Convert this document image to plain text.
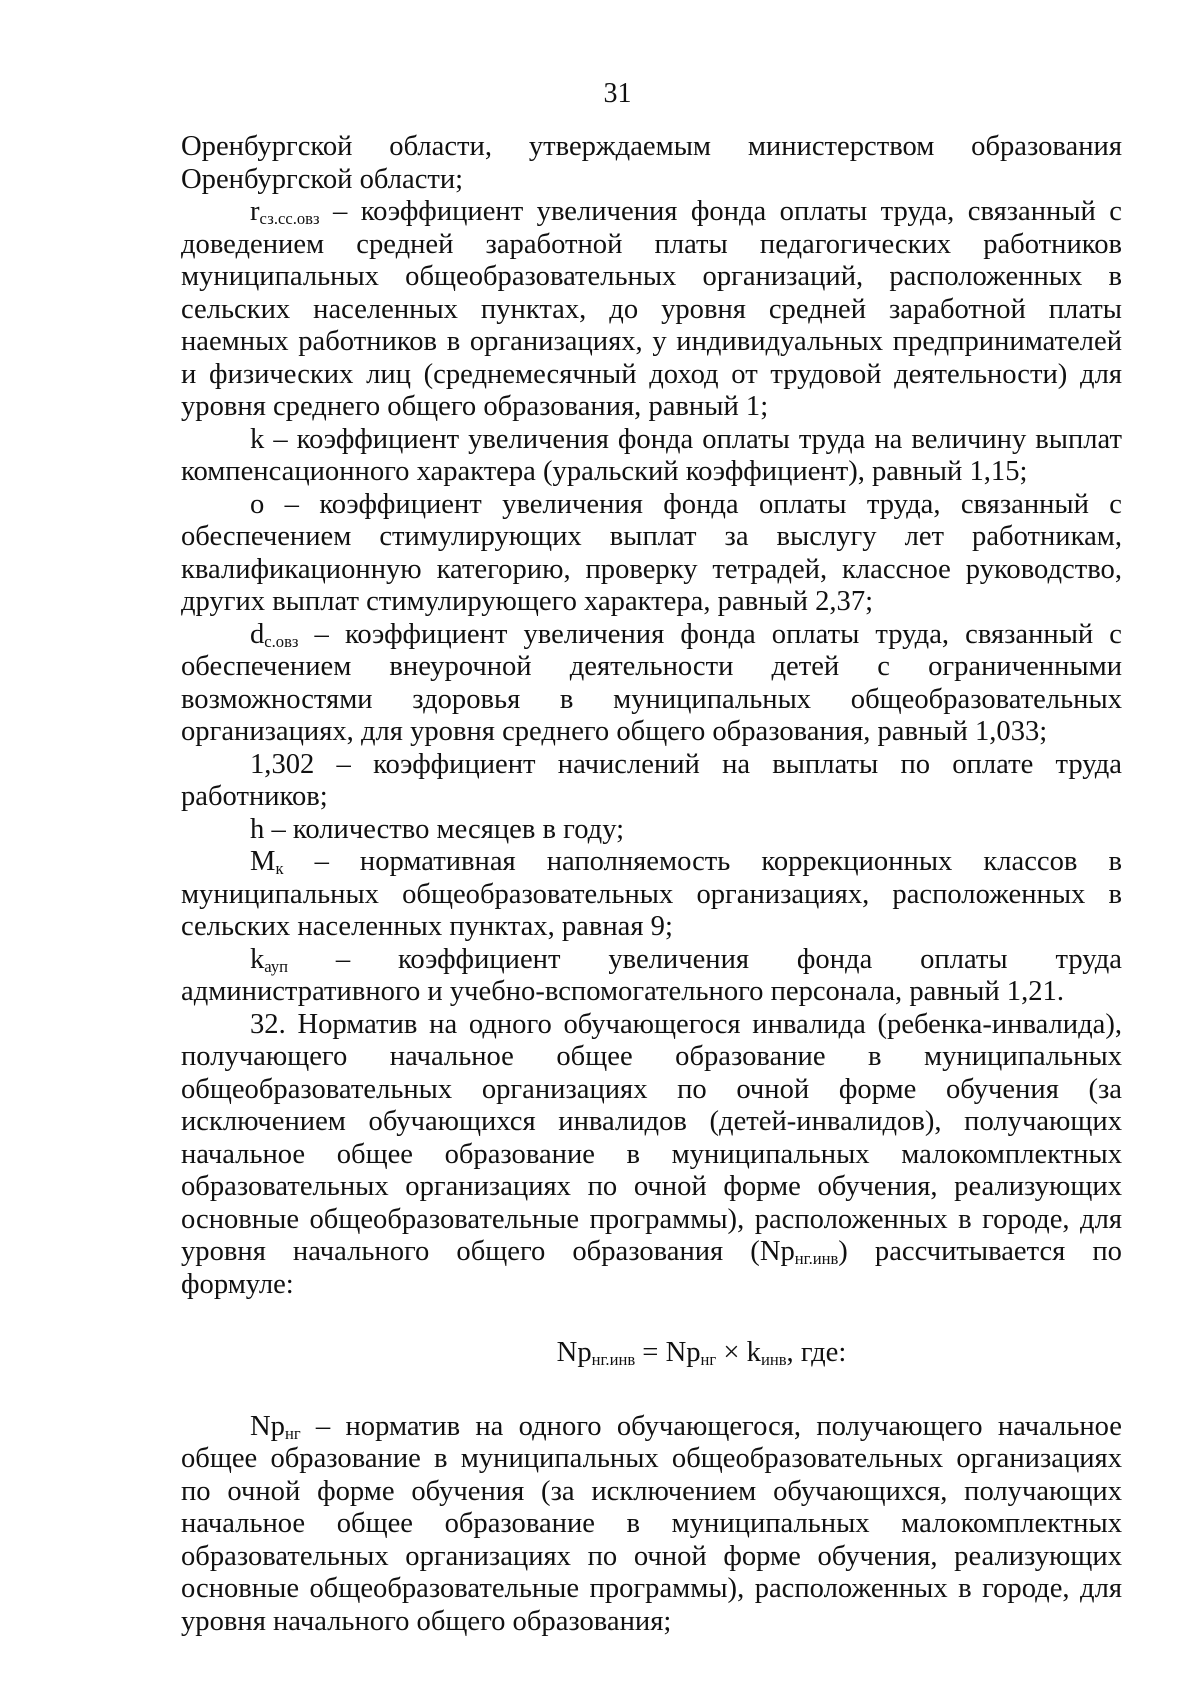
31

Оренбургской области, утверждаемым министерством образования Оренбургской области;

$r_{сз.сс.овз}$ – коэффициент увеличения фонда оплаты труда, связанный с доведением средней заработной платы педагогических работников муниципальных общеобразовательных организаций, расположенных в сельских населенных пунктах, до уровня средней заработной платы наемных работников в организациях, у индивидуальных предпринимателей и физических лиц (среднемесячный доход от трудовой деятельности) для уровня среднего общего образования, равный 1;

k – коэффициент увеличения фонда оплаты труда на величину выплат компенсационного характера (уральский коэффициент), равный 1,15;

о – коэффициент увеличения фонда оплаты труда, связанный с обеспечением стимулирующих выплат за выслугу лет работникам, квалификационную категорию, проверку тетрадей, классное руководство, других выплат стимулирующего характера, равный 2,37;

$d_{с.овз}$ – коэффициент увеличения фонда оплаты труда, связанный с обеспечением внеурочной деятельности детей с ограниченными возможностями здоровья в муниципальных общеобразовательных организациях, для уровня среднего общего образования, равный 1,033;

1,302 – коэффициент начислений на выплаты по оплате труда работников;

h – количество месяцев в году;

$М_к$ – нормативная наполняемость коррекционных классов в муниципальных общеобразовательных организациях, расположенных в сельских населенных пунктах, равная 9;

$k_{ауп}$ – коэффициент увеличения фонда оплаты труда административного и учебно-вспомогательного персонала, равный 1,21.

32. Норматив на одного обучающегося инвалида (ребенка-инвалида), получающего начальное общее образование в муниципальных общеобразовательных организациях по очной форме обучения (за исключением обучающихся инвалидов (детей-инвалидов), получающих начальное общее образование в муниципальных малокомплектных образовательных организациях по очной форме обучения, реализующих основные общеобразовательные программы), расположенных в городе, для уровня начального общего образования $(Np_{нг.инв})$ рассчитывается по формуле:

$Np_{нг.инв} = Np_{нг} \times k_{инв}$, где:

$Np_{нг}$ – норматив на одного обучающегося, получающего начальное общее образование в муниципальных общеобразовательных организациях по очной форме обучения (за исключением обучающихся, получающих начальное общее образование в муниципальных малокомплектных образовательных организациях по очной форме обучения, реализующих основные общеобразовательные программы), расположенных в городе, для уровня начального общего образования;
